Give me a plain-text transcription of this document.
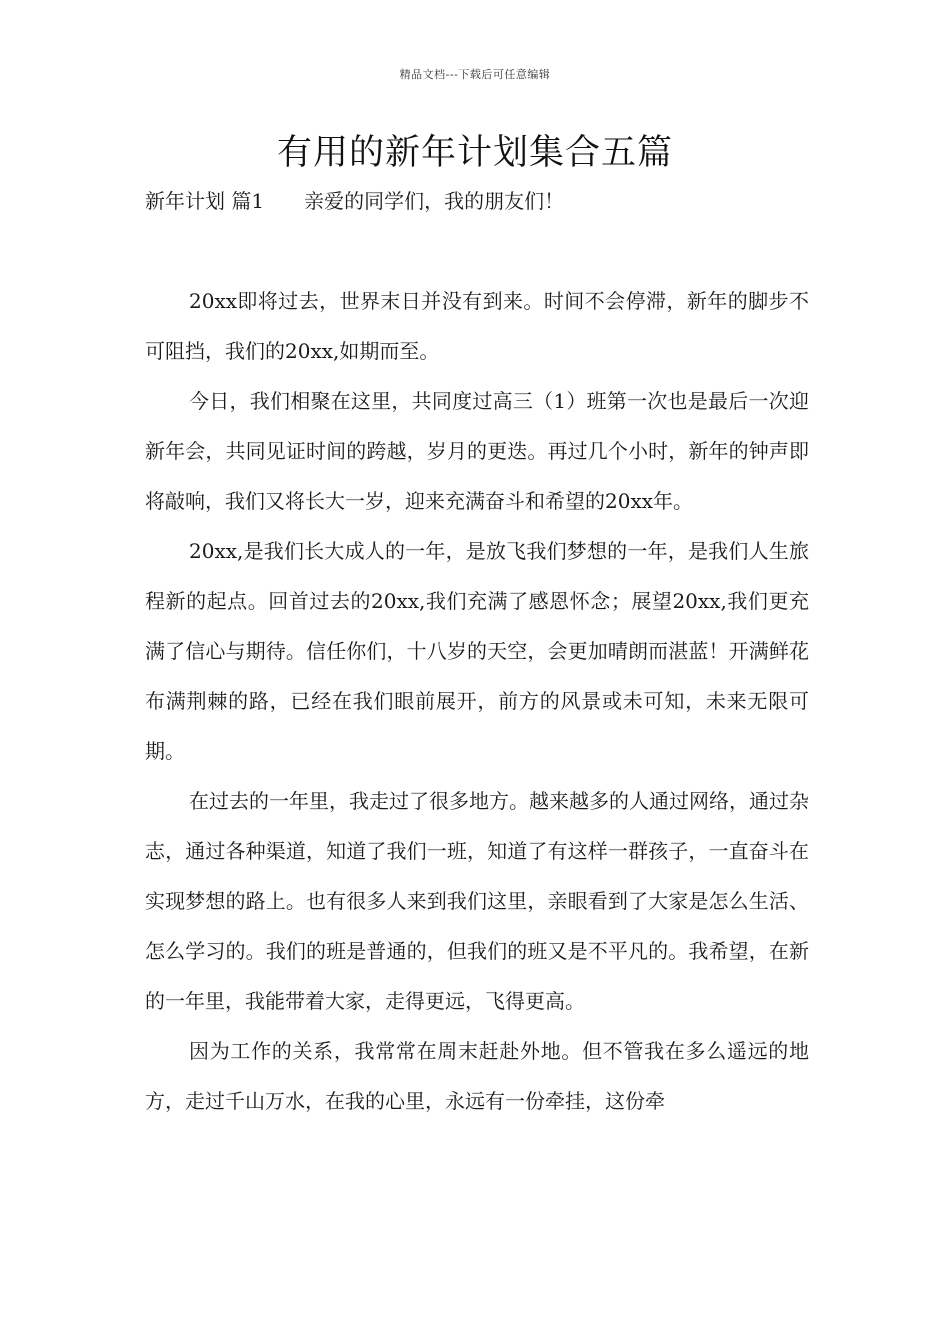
精品文档---下载后可任意编辑
有用的新年计划集合五篇
新年计划 篇1 亲爱的同学们，我的朋友们！

20xx即将过去，世界末日并没有到来。时间不会停滞，新年的脚步不可阻挡，我们的20xx,如期而至。

今日，我们相聚在这里，共同度过高三（1）班第一次也是最后一次迎新年会，共同见证时间的跨越，岁月的更迭。再过几个小时，新年的钟声即将敲响，我们又将长大一岁，迎来充满奋斗和希望的20xx年。

20xx,是我们长大成人的一年，是放飞我们梦想的一年，是我们人生旅程新的起点。回首过去的20xx,我们充满了感恩怀念；展望20xx,我们更充满了信心与期待。信任你们，十八岁的天空，会更加晴朗而湛蓝！开满鲜花布满荆棘的路，已经在我们眼前展开，前方的风景或未可知，未来无限可期。

在过去的一年里，我走过了很多地方。越来越多的人通过网络，通过杂志，通过各种渠道，知道了我们一班，知道了有这样一群孩子，一直奋斗在实现梦想的路上。也有很多人来到我们这里，亲眼看到了大家是怎么生活、怎么学习的。我们的班是普通的，但我们的班又是不平凡的。我希望，在新的一年里，我能带着大家，走得更远，飞得更高。

因为工作的关系，我常常在周末赶赴外地。但不管我在多么遥远的地方，走过千山万水，在我的心里，永远有一份牵挂，这份牵
